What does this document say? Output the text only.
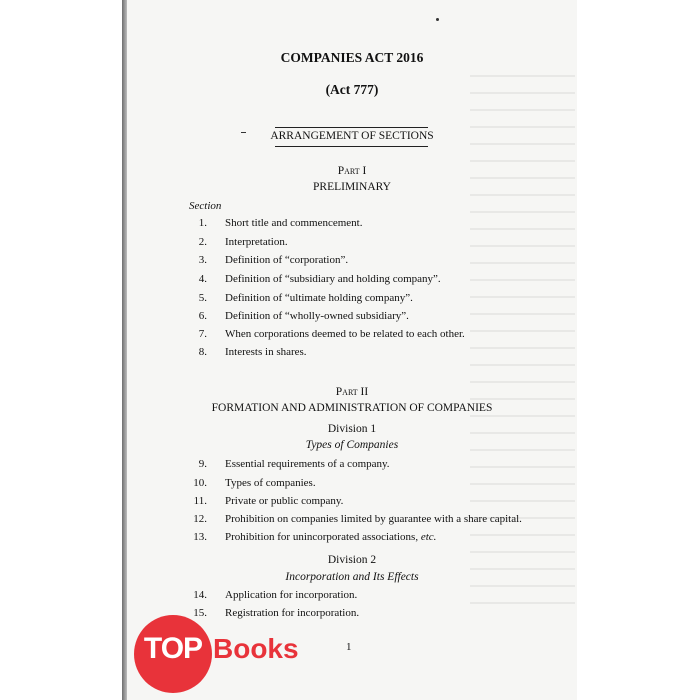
COMPANIES ACT 2016
(Act 777)
ARRANGEMENT OF SECTIONS
Part I
PRELIMINARY
Section
1. Short title and commencement.
2. Interpretation.
3. Definition of “corporation”.
4. Definition of “subsidiary and holding company”.
5. Definition of “ultimate holding company”.
6. Definition of “wholly-owned subsidiary”.
7. When corporations deemed to be related to each other.
8. Interests in shares.
Part II
FORMATION AND ADMINISTRATION OF COMPANIES
Division 1
Types of Companies
9. Essential requirements of a company.
10. Types of companies.
11. Private or public company.
12. Prohibition on companies limited by guarantee with a share capital.
13. Prohibition for unincorporated associations, etc.
Division 2
Incorporation and Its Effects
14. Application for incorporation.
15. Registration for incorporation.
1
TOP Books
